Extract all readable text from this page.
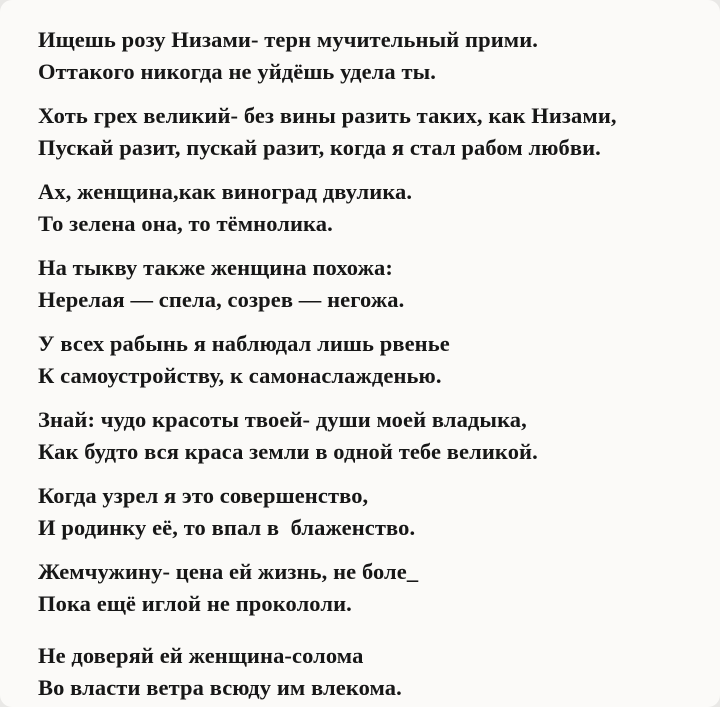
Ищешь розу Низами- терн мучительный прими.
Оттакого никогда не уйдёшь удела ты.
Хоть грех великий- без вины разить таких, как Низами,
Пускай разит, пускай разит, когда я стал рабом любви.
Ах, женщина,как виноград двулика.
То зелена она, то тёмнолика.
На тыкву также женщина похожа:
Нерелая — спела, созрев — негожа.
У всех рабынь я наблюдал лишь рвенье
К самоустройству, к самонаслажденью.
Знай: чудо красоты твоей- души моей владыка,
Как будто вся краса земли в одной тебе великой.
Когда узрел я это совершенство,
И родинку её, то впал в  блаженство.
Жемчужину- цена ей жизнь, не боле_
Пока ещё иглой не прокололи.
Не доверяй ей женщина-солома
Во власти ветра всюду им влекома.
